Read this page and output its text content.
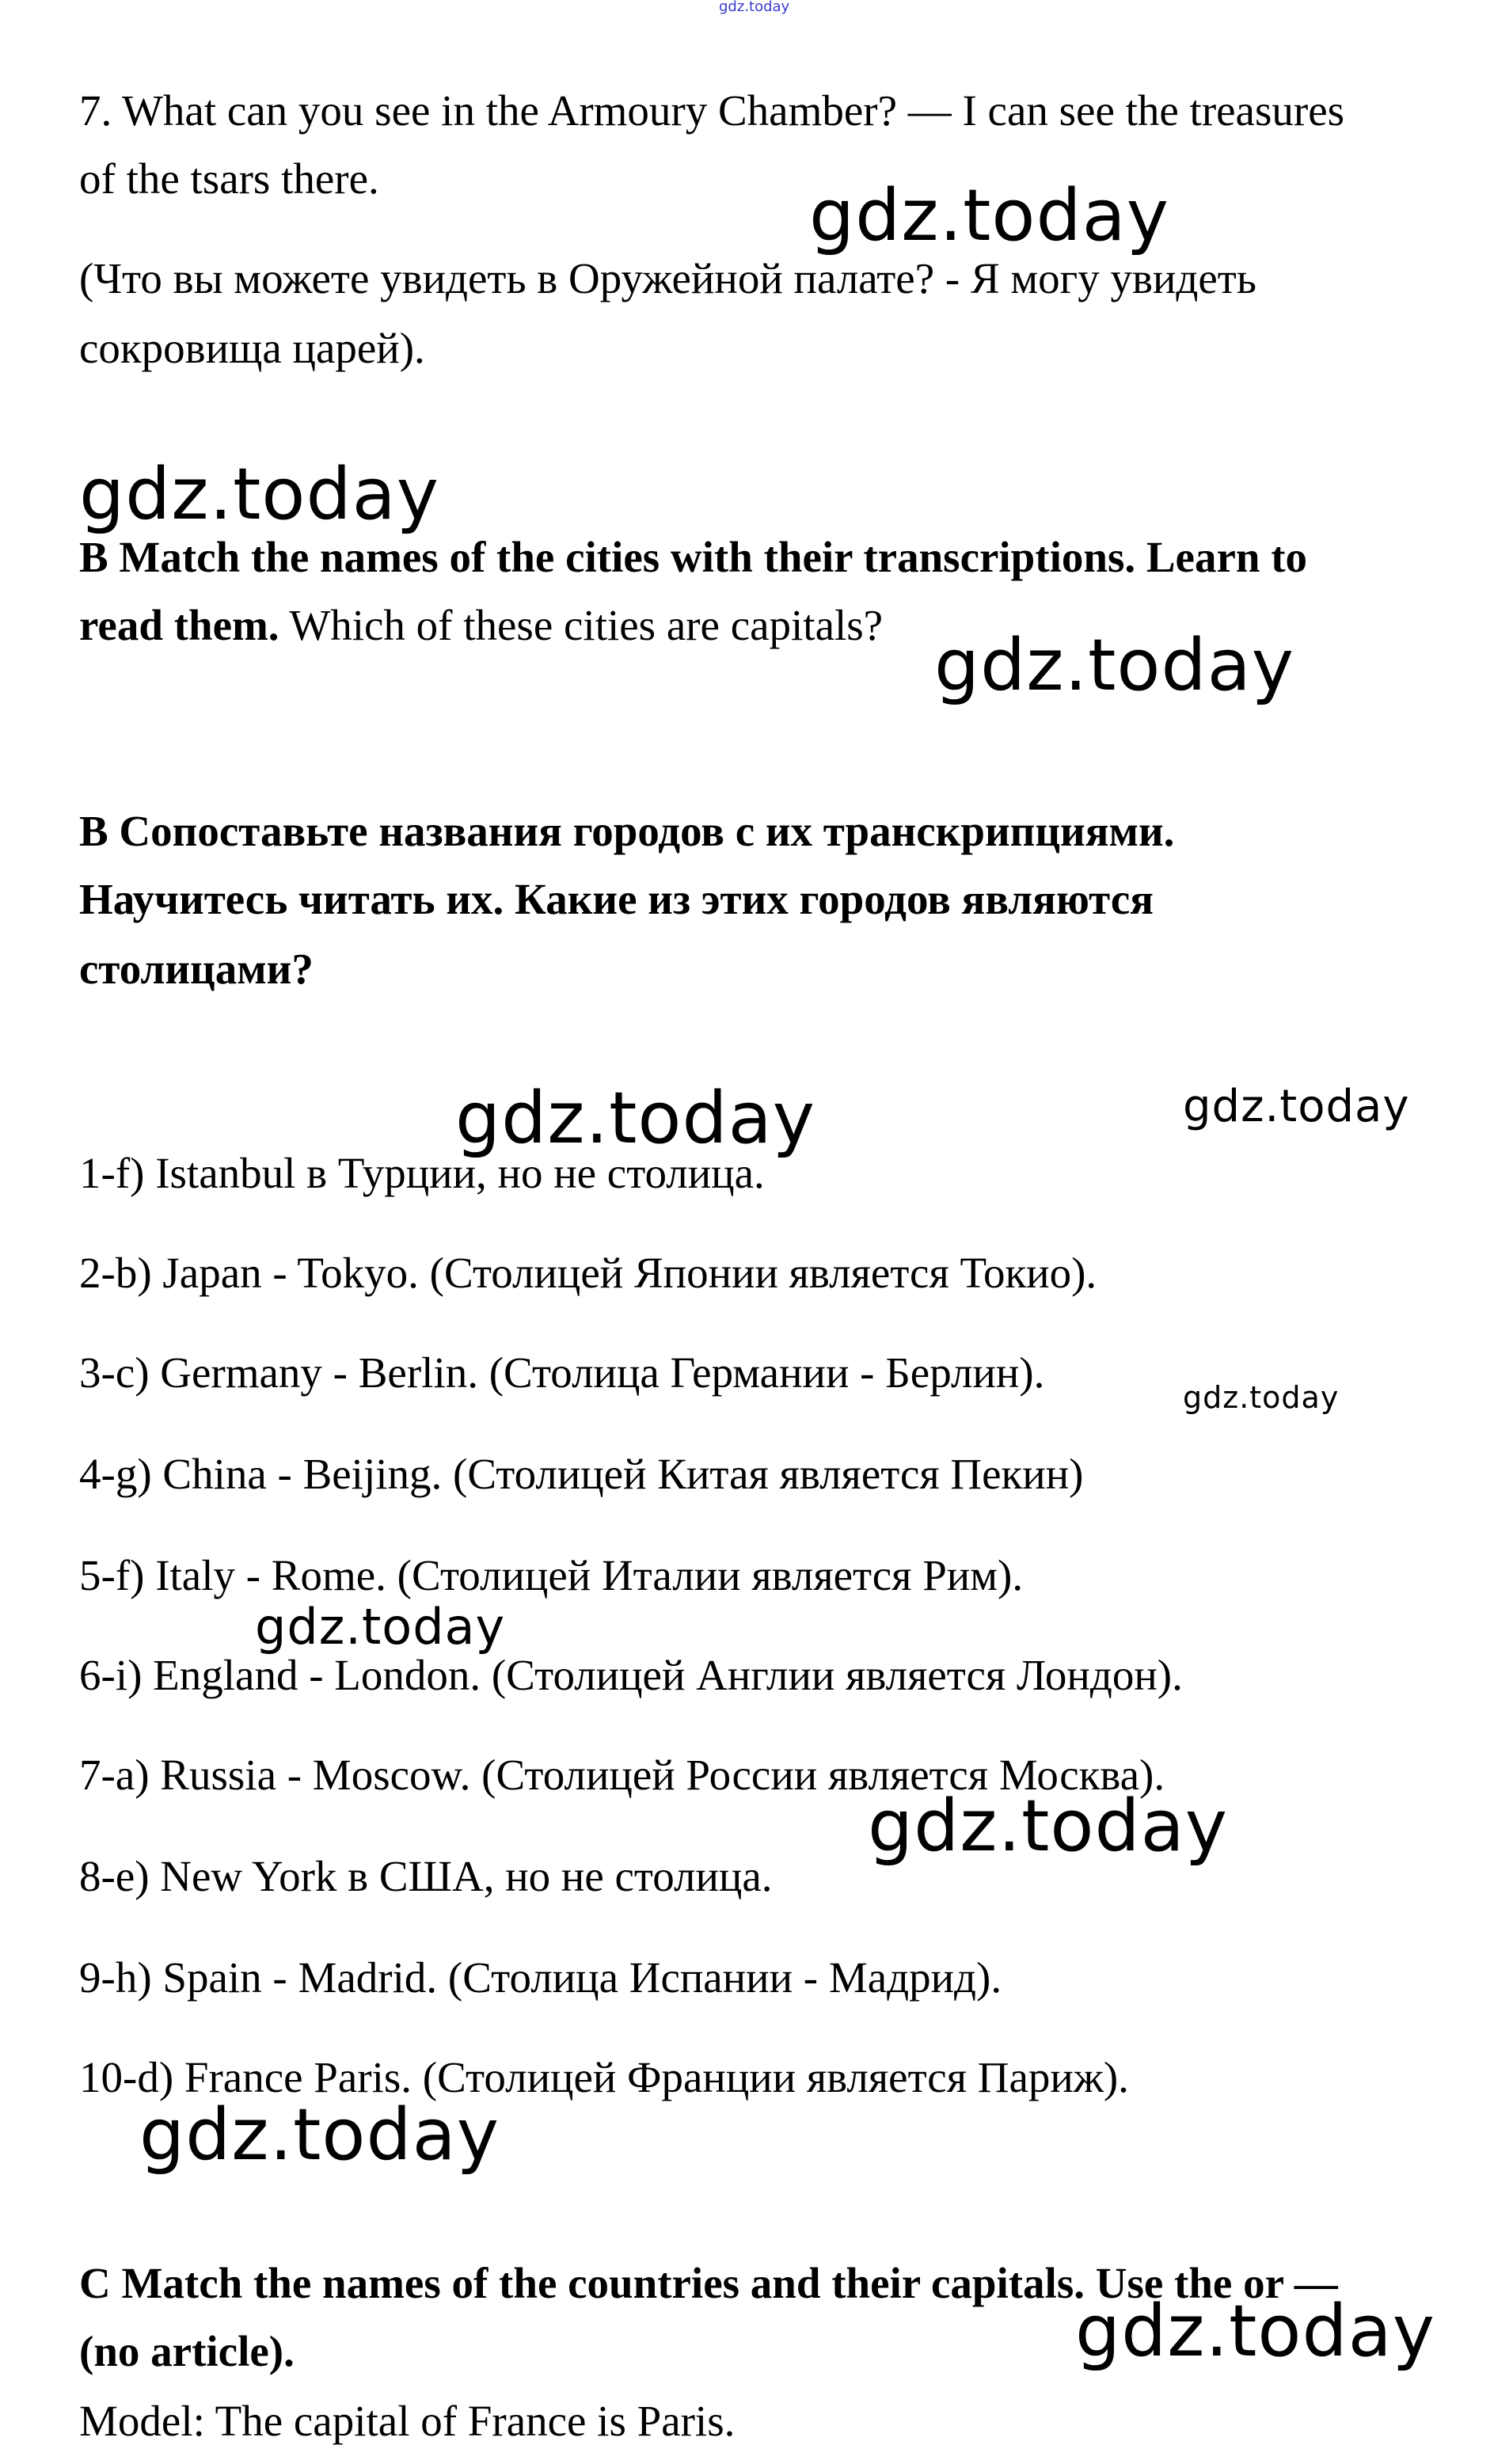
gdz.today
7. What can you see in the Armoury Chamber? — I can see the treasures
of the tsars there.	gdz.today
(Что вы можете увидеть в Оружейной палате? - Я могу увидеть
сокровища царей).
gdz.today
B Match the names of the cities with their transcriptions. Learn to
read them. Which of these cities are capitals? gdz.today
В Сопоставьте названия городов с их транскрипциями.
Научитесь читать их. Какие из этих городов являются
столицами?
gdz.today	gdz.today
1-f) Istanbul в Турции, но не столица.
2-b) Japan - Tokyo. (Столицей Японии является Токио).
3-c) Germany - Berlin. (Столица Германии - Берлин).
gdz.today
4-g) China - Beijing. (Столицей Китая является Пекин)
5-f) Italy - Rome. (Столицей Италии является Рим).
gdz.today
6-i) England - London. (Столицей Англии является Лондон).
7-a) Russia - Moscow. (Столицей России является Москва).
gdz.today
8-e) New York в США, но не столица.
9-h) Spain - Madrid. (Столица Испании - Мадрид).
10-d) France Paris. (Столицей Франции является Париж).
gdz.today
C Match the names of the countries and their capitals. Use the or —
(no article).	gdz.today
Model: The capital of France is Paris.
